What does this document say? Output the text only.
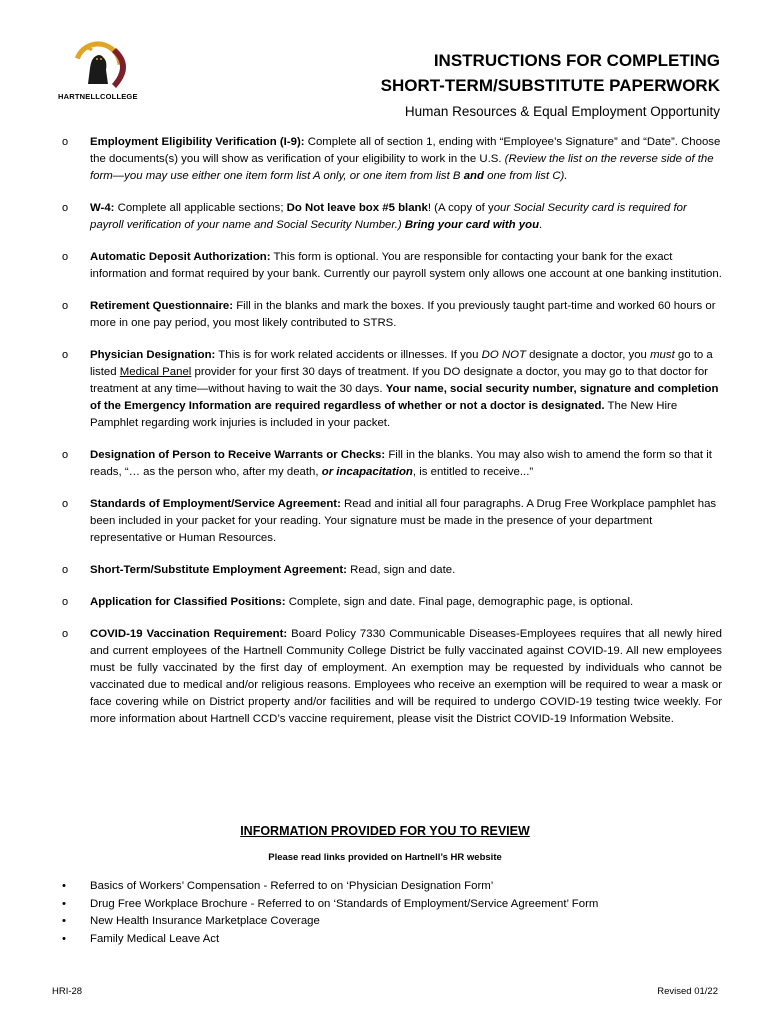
HARTNELLCOLLEGE
INSTRUCTIONS FOR COMPLETING
SHORT-TERM/SUBSTITUTE PAPERWORK
Human Resources & Equal Employment Opportunity
o	Employment Eligibility Verification (I-9): Complete all of section 1, ending with “Employee’s Signature” and “Date”. Choose the documents(s) you will show as verification of your eligibility to work in the U.S. (Review the list on the reverse side of the form—you may use either one item form list A only, or one item from list B and one from list C).
o	W-4: Complete all applicable sections; Do Not leave box #5 blank! (A copy of your Social Security card is required for payroll verification of your name and Social Security Number.) Bring your card with you.
o	Automatic Deposit Authorization: This form is optional. You are responsible for contacting your bank for the exact information and format required by your bank. Currently our payroll system only allows one account at one banking institution.
o	Retirement Questionnaire: Fill in the blanks and mark the boxes. If you previously taught part-time and worked 60 hours or more in one pay period, you most likely contributed to STRS.
o	Physician Designation: This is for work related accidents or illnesses. If you DO NOT designate a doctor, you must go to a listed Medical Panel provider for your first 30 days of treatment. If you DO designate a doctor, you may go to that doctor for treatment at any time—without having to wait the 30 days. Your name, social security number, signature and completion of the Emergency Information are required regardless of whether or not a doctor is designated. The New Hire Pamphlet regarding work injuries is included in your packet.
o	Designation of Person to Receive Warrants or Checks: Fill in the blanks. You may also wish to amend the form so that it reads, “… as the person who, after my death, or incapacitation, is entitled to receive...”
o	Standards of Employment/Service Agreement: Read and initial all four paragraphs. A Drug Free Workplace pamphlet has been included in your packet for your reading. Your signature must be made in the presence of your department representative or Human Resources.
o	Short-Term/Substitute Employment Agreement: Read, sign and date.
o	Application for Classified Positions: Complete, sign and date. Final page, demographic page, is optional.
o	COVID-19 Vaccination Requirement: Board Policy 7330 Communicable Diseases-Employees requires that all newly hired and current employees of the Hartnell Community College District be fully vaccinated against COVID-19. All new employees must be fully vaccinated by the first day of employment. An exemption may be requested by individuals who cannot be vaccinated due to medical and/or religious reasons. Employees who receive an exemption will be required to wear a mask or face covering while on District property and/or facilities and will be required to undergo COVID-19 testing twice weekly. For more information about Hartnell CCD’s vaccine requirement, please visit the District COVID-19 Information Website.
INFORMATION PROVIDED FOR YOU TO REVIEW
Please read links provided on Hartnell’s HR website
•	Basics of Workers’ Compensation - Referred to on ‘Physician Designation Form’
•	Drug Free Workplace Brochure - Referred to on ‘Standards of Employment/Service Agreement’ Form
•	New Health Insurance Marketplace Coverage
•	Family Medical Leave Act
HRI-28	Revised 01/22
